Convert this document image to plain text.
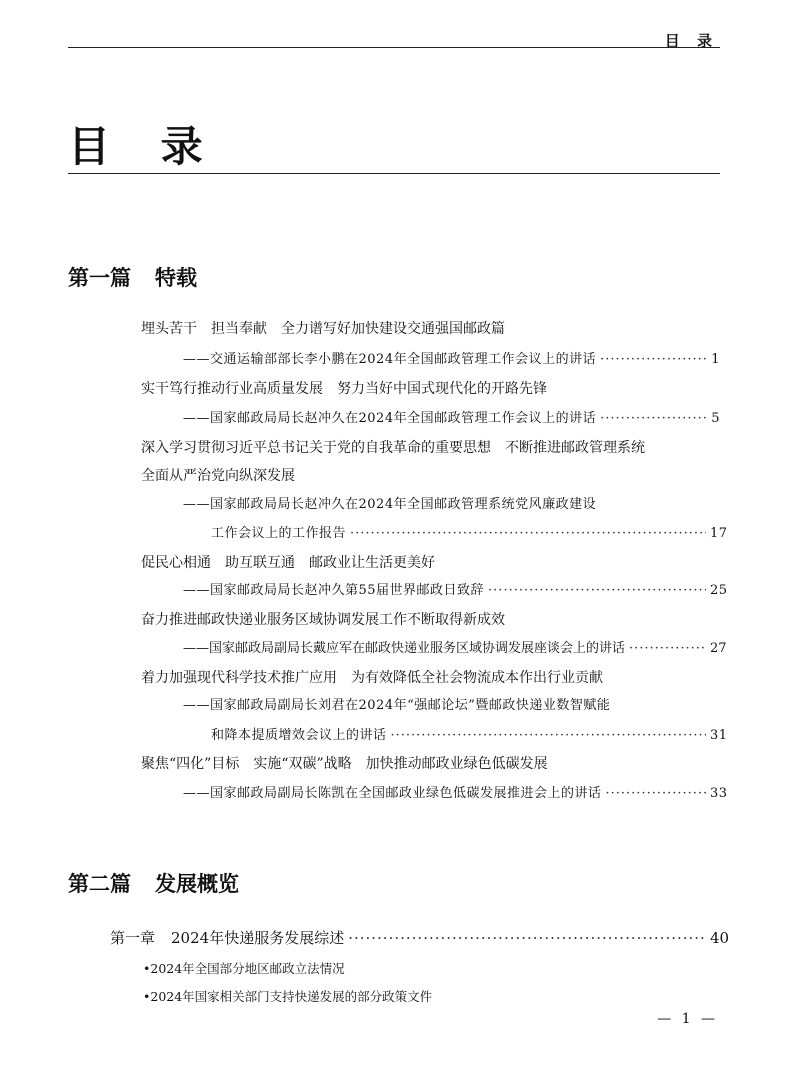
目 录
目 录
第一篇 特载
埋头苦干　担当奉献　全力谱写好加快建设交通强国邮政篇
——交通运输部部长李小鹏在2024年全国邮政管理工作会议上的讲话 ·····	1
实干笃行推动行业高质量发展　努力当好中国式现代化的开路先锋
——国家邮政局局长赵冲久在2024年全国邮政管理工作会议上的讲话 ·····	5
深入学习贯彻习近平总书记关于党的自我革命的重要思想　不断推进邮政管理系统
全面从严治党向纵深发展
——国家邮政局局长赵冲久在2024年全国邮政管理系统党风廉政建设
工作会议上的工作报告 ·····	17
促民心相通　助互联互通　邮政业让生活更美好
——国家邮政局局长赵冲久第55届世界邮政日致辞 ·····	25
奋力推进邮政快递业服务区域协调发展工作不断取得新成效
——国家邮政局副局长戴应军在邮政快递业服务区域协调发展座谈会上的讲话 ·····	27
着力加强现代科学技术推广应用　为有效降低全社会物流成本作出行业贡献
——国家邮政局副局长刘君在2024年“强邮论坛”暨邮政快递业数智赋能
和降本提质增效会议上的讲话 ·····	31
聚焦“四化”目标　实施“双碳”战略　加快推动邮政业绿色低碳发展
——国家邮政局副局长陈凯在全国邮政业绿色低碳发展推进会上的讲话 ·····	33
第二篇 发展概览
第一章 2024年快递服务发展综述 ·····	40
•2024年全国部分地区邮政立法情况
•2024年国家相关部门支持快递发展的部分政策文件
— 1 —
